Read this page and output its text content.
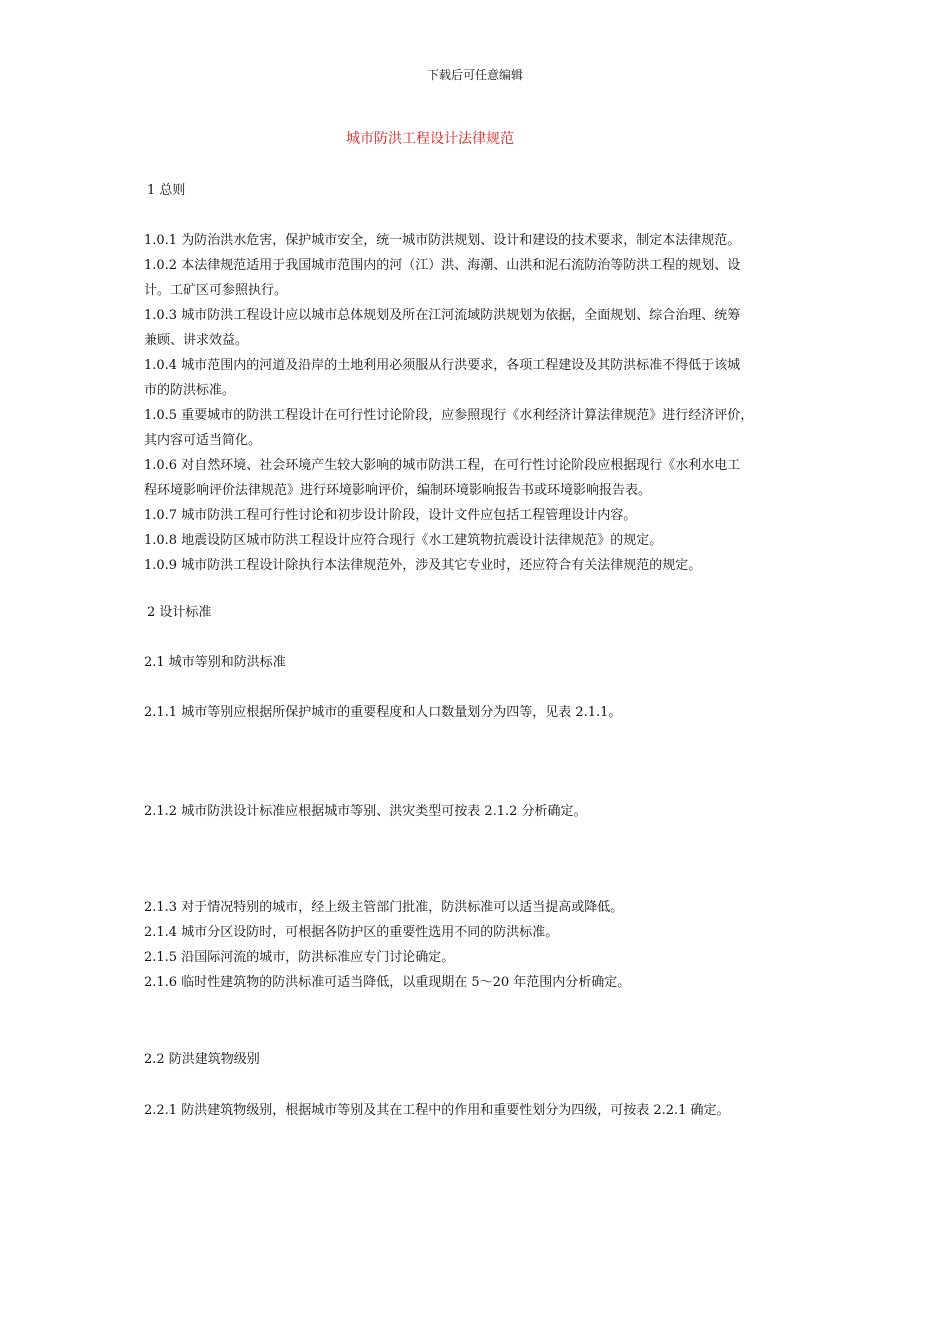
下载后可任意编辑
城市防洪工程设计法律规范
1 总则
1.0.1 为防治洪水危害，保护城市安全，统一城市防洪规划、设计和建设的技术要求，制定本法律规范。
1.0.2 本法律规范适用于我国城市范围内的河（江）洪、海潮、山洪和泥石流防治等防洪工程的规划、设
计。工矿区可参照执行。
1.0.3 城市防洪工程设计应以城市总体规划及所在江河流域防洪规划为依据，全面规划、综合治理、统筹
兼顾、讲求效益。
1.0.4 城市范围内的河道及沿岸的土地利用必须服从行洪要求，各项工程建设及其防洪标准不得低于该城
市的防洪标准。
1.0.5 重要城市的防洪工程设计在可行性讨论阶段，应参照现行《水利经济计算法律规范》进行经济评价，
其内容可适当简化。
1.0.6 对自然环境、社会环境产生较大影响的城市防洪工程，在可行性讨论阶段应根据现行《水利水电工
程环境影响评价法律规范》进行环境影响评价，编制环境影响报告书或环境影响报告表。
1.0.7 城市防洪工程可行性讨论和初步设计阶段，设计文件应包括工程管理设计内容。
1.0.8 地震设防区城市防洪工程设计应符合现行《水工建筑物抗震设计法律规范》的规定。
1.0.9 城市防洪工程设计除执行本法律规范外，涉及其它专业时，还应符合有关法律规范的规定。
2 设计标准
2.1 城市等别和防洪标准
2.1.1 城市等别应根据所保护城市的重要程度和人口数量划分为四等，见表 2.1.1。
2.1.2 城市防洪设计标准应根据城市等别、洪灾类型可按表 2.1.2 分析确定。
2.1.3 对于情况特别的城市，经上级主管部门批准，防洪标准可以适当提高或降低。
2.1.4 城市分区设防时，可根据各防护区的重要性选用不同的防洪标准。
2.1.5 沿国际河流的城市，防洪标准应专门讨论确定。
2.1.6 临时性建筑物的防洪标准可适当降低，以重现期在 5～20 年范围内分析确定。
2.2 防洪建筑物级别
2.2.1 防洪建筑物级别，根据城市等别及其在工程中的作用和重要性划分为四级，可按表 2.2.1 确定。
